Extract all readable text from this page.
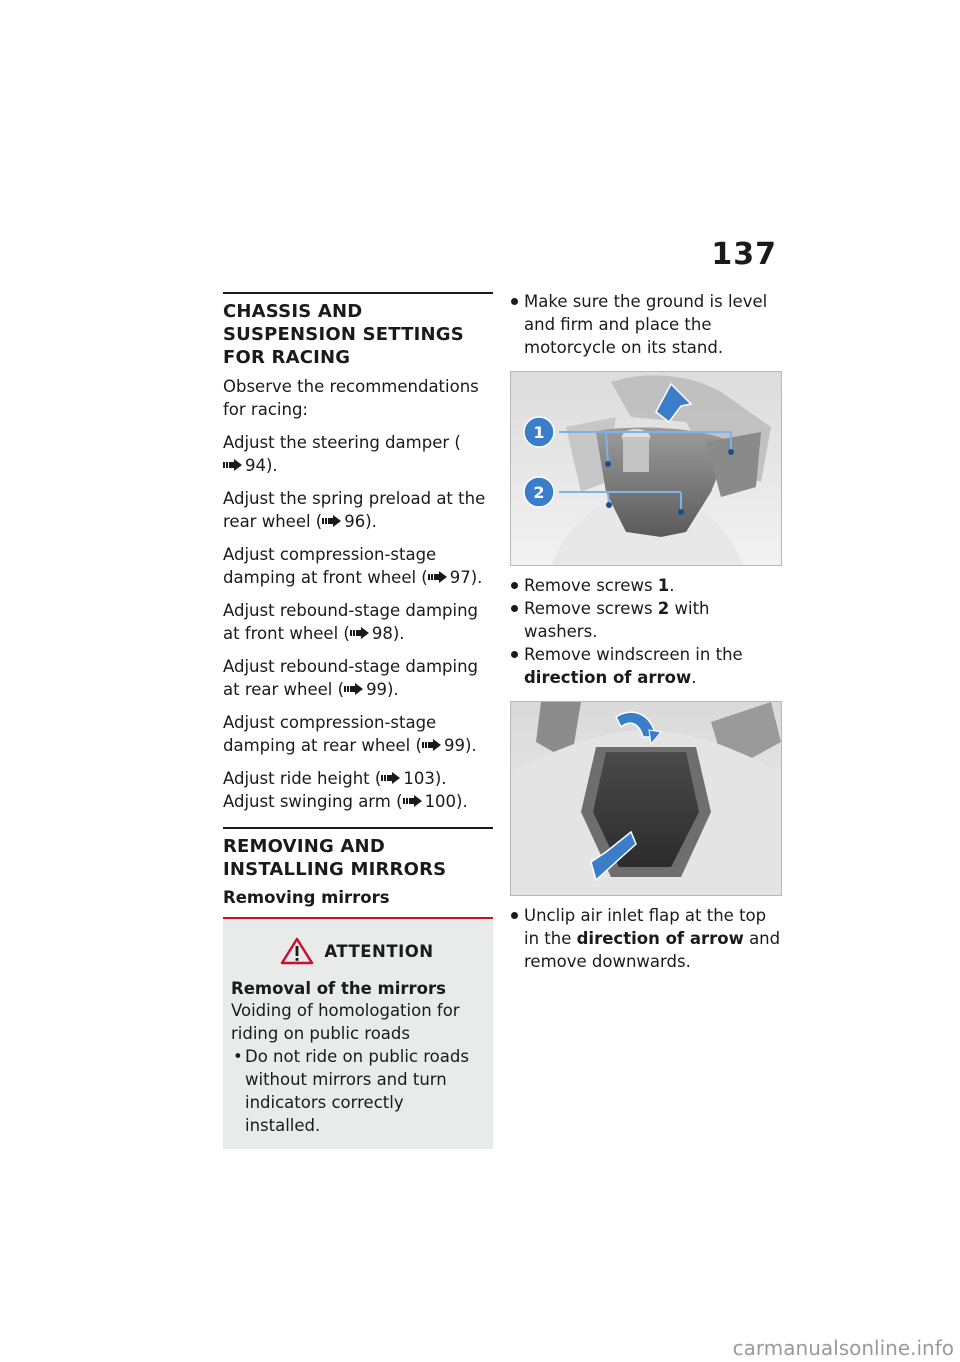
137
CHASSIS AND SUSPENSION SETTINGS FOR RACING

Observe the recommendations for racing:

Adjust the steering damper (94).

Adjust the spring preload at the rear wheel ( 96).

Adjust compression-stage damping at front wheel ( 97).

Adjust rebound-stage damping at front wheel ( 98).

Adjust rebound-stage damping at rear wheel ( 99).

Adjust compression-stage damping at rear wheel ( 99).

Adjust ride height ( 103).

Adjust swinging arm ( 100).

REMOVING AND INSTALLING MIRRORS
Removing mirrors
ATTENTION
Removal of the mirrors

Voiding of homologation for riding on public roads

• Do not ride on public roads without mirrors and turn indicators correctly installed.
Make sure the ground is level and firm and place the motorcycle on its stand.
1
2
Remove screws 1.
Remove screws 2 with washers.
Remove windscreen in the direction of arrow.
Unclip air inlet flap at the top in the direction of arrow and remove downwards.
carmanualsonline.info
